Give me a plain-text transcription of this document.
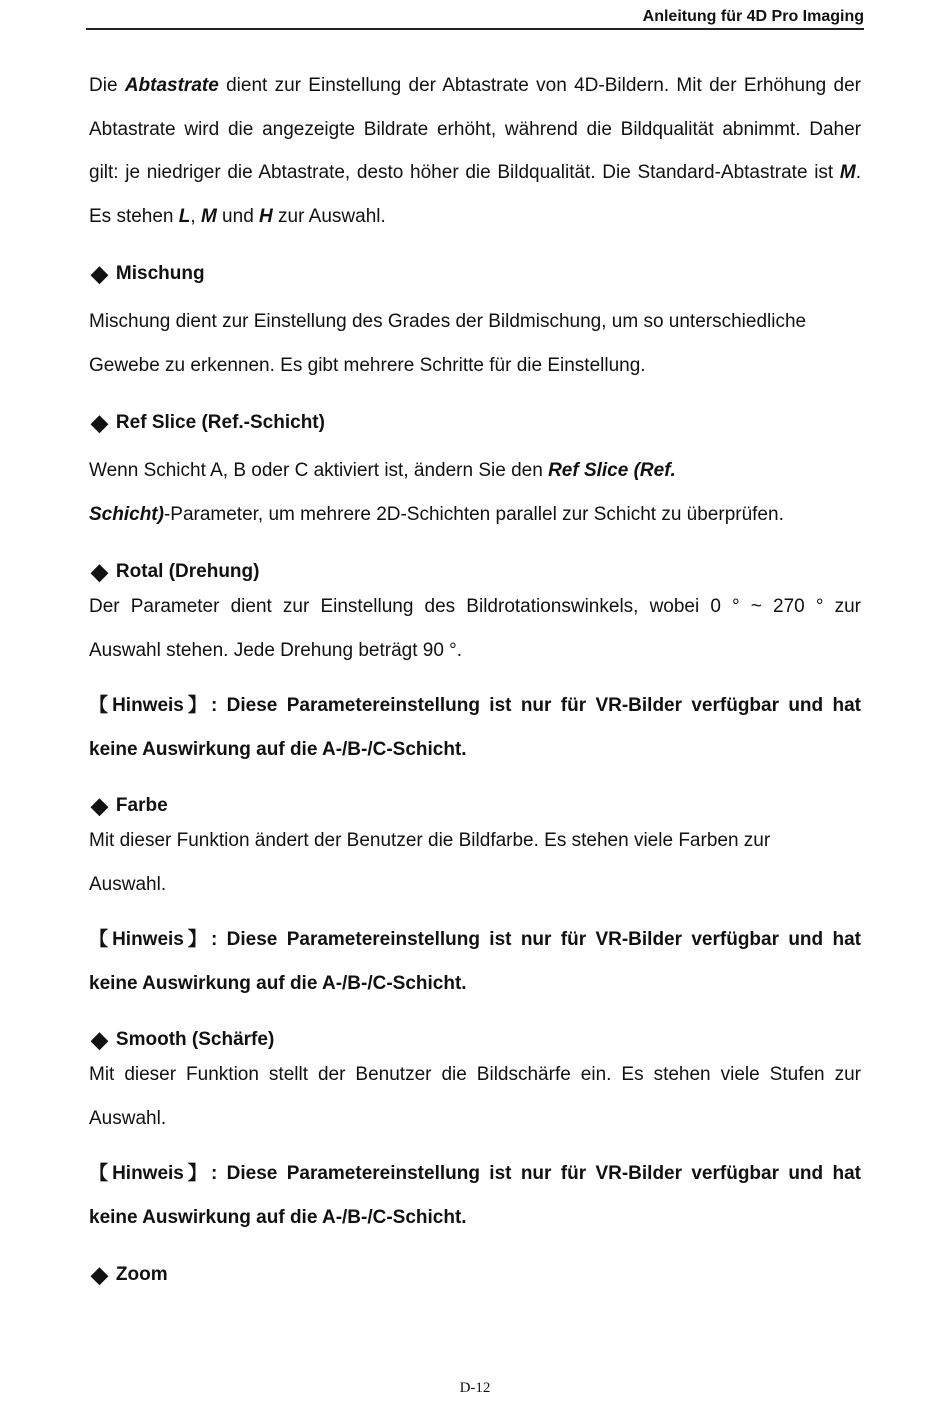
Anleitung für 4D Pro Imaging

Die Abtastrate dient zur Einstellung der Abtastrate von 4D-Bildern. Mit der Erhöhung der

Abtastrate wird die angezeigte Bildrate erhöht, während die Bildqualität abnimmt. Daher

gilt: je niedriger die Abtastrate, desto höher die Bildqualität. Die Standard-Abtastrate ist M.

Es stehen L, M und H zur Auswahl.

◆ Mischung

Mischung dient zur Einstellung des Grades der Bildmischung, um so unterschiedliche

Gewebe zu erkennen. Es gibt mehrere Schritte für die Einstellung.

◆ Ref Slice (Ref.-Schicht)

Wenn Schicht A, B oder C aktiviert ist, ändern Sie den Ref Slice (Ref.

Schicht)-Parameter, um mehrere 2D-Schichten parallel zur Schicht zu überprüfen.

◆ Rotal (Drehung)

Der Parameter dient zur Einstellung des Bildrotationswinkels, wobei 0 ° ~ 270 ° zur

Auswahl stehen. Jede Drehung beträgt 90 °.

【Hinweis】: Diese Parametereinstellung ist nur für VR-Bilder verfügbar und hat

keine Auswirkung auf die A-/B-/C-Schicht.

◆ Farbe

Mit dieser Funktion ändert der Benutzer die Bildfarbe. Es stehen viele Farben zur

Auswahl.

【Hinweis】: Diese Parametereinstellung ist nur für VR-Bilder verfügbar und hat

keine Auswirkung auf die A-/B-/C-Schicht.

◆ Smooth (Schärfe)

Mit dieser Funktion stellt der Benutzer die Bildschärfe ein. Es stehen viele Stufen zur

Auswahl.

【Hinweis】: Diese Parametereinstellung ist nur für VR-Bilder verfügbar und hat

keine Auswirkung auf die A-/B-/C-Schicht.

◆ Zoom
D-12
